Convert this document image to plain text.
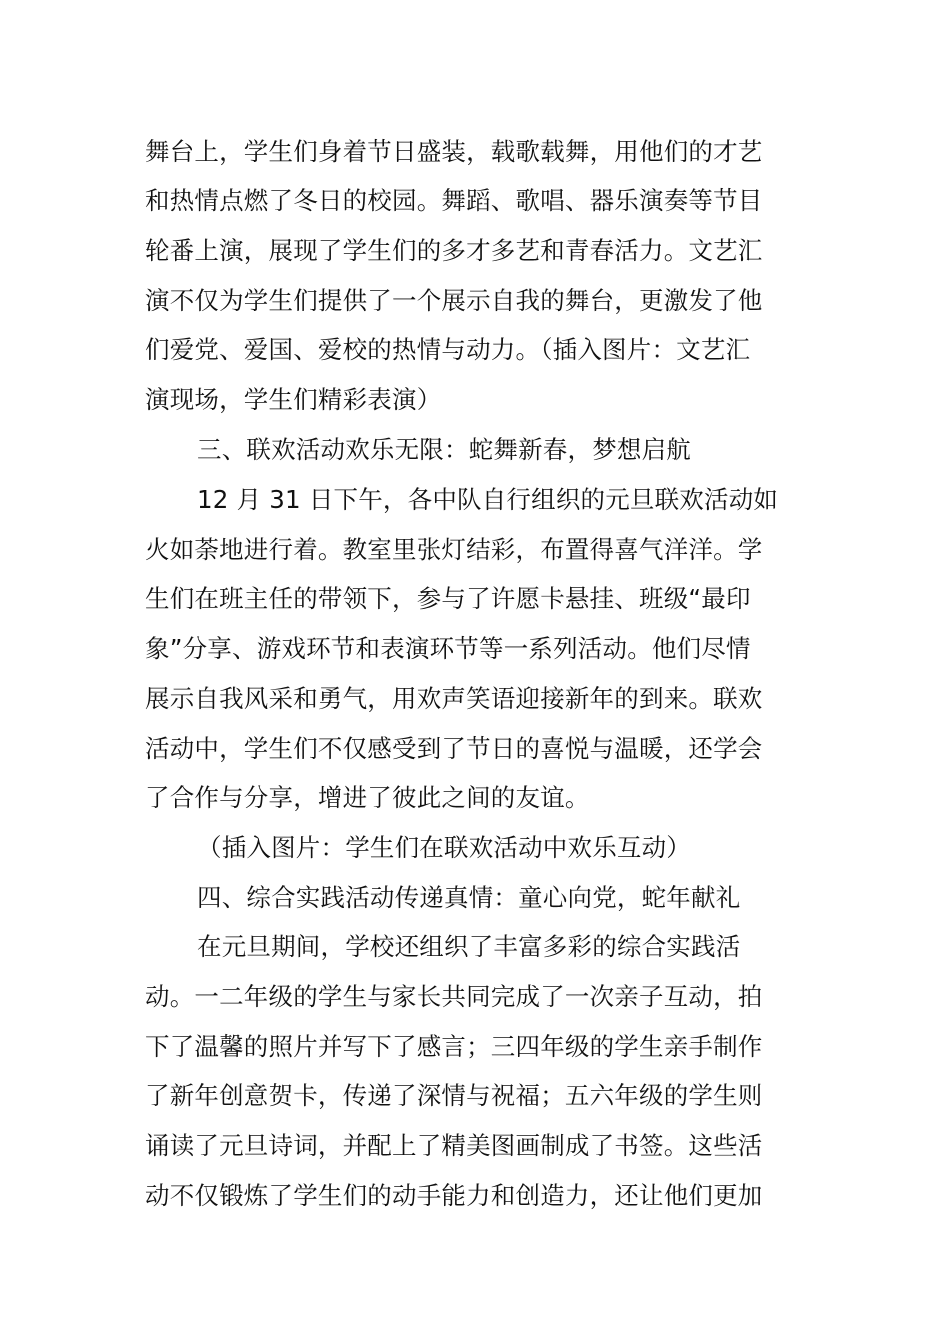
舞台上，学生们身着节日盛装，载歌载舞，用他们的才艺
和热情点燃了冬日的校园。舞蹈、歌唱、器乐演奏等节目
轮番上演，展现了学生们的多才多艺和青春活力。文艺汇
演不仅为学生们提供了一个展示自我的舞台，更激发了他
们爱党、爱国、爱校的热情与动力。（插入图片：文艺汇
演现场，学生们精彩表演）
三、联欢活动欢乐无限：蛇舞新春，梦想启航
12 月 31 日下午，各中队自行组织的元旦联欢活动如
火如荼地进行着。教室里张灯结彩，布置得喜气洋洋。学
生们在班主任的带领下，参与了许愿卡悬挂、班级“最印
象”分享、游戏环节和表演环节等一系列活动。他们尽情
展示自我风采和勇气，用欢声笑语迎接新年的到来。联欢
活动中，学生们不仅感受到了节日的喜悦与温暖，还学会
了合作与分享，增进了彼此之间的友谊。
（插入图片：学生们在联欢活动中欢乐互动）
四、综合实践活动传递真情：童心向党，蛇年献礼
在元旦期间，学校还组织了丰富多彩的综合实践活
动。一二年级的学生与家长共同完成了一次亲子互动，拍
下了温馨的照片并写下了感言；三四年级的学生亲手制作
了新年创意贺卡，传递了深情与祝福；五六年级的学生则
诵读了元旦诗词，并配上了精美图画制成了书签。这些活
动不仅锻炼了学生们的动手能力和创造力，还让他们更加
